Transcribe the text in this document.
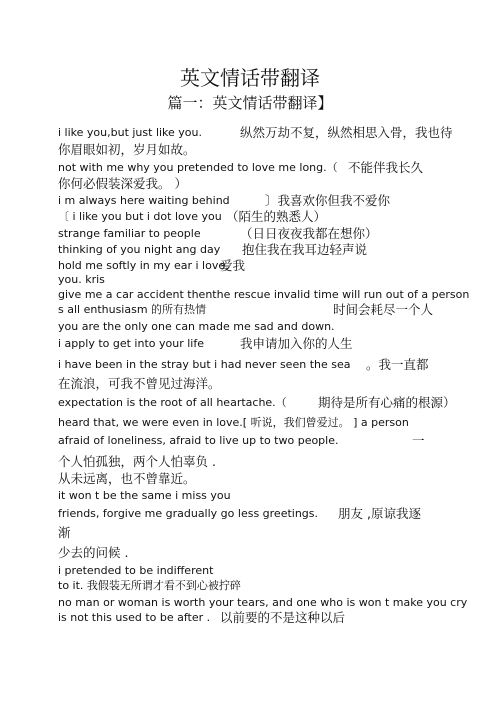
英文情话带翻译
篇一：英文情话带翻译】
i like you,but just like you.	纵然万劫不复，纵然相思入骨，我也待
你眉眼如初，岁月如故。
not with me why you pretended to love me long.（ 不能伴我长久
你何必假装深爱我。 ）
i m always here waiting behind	〕我喜欢你但我不爱你
〔 i like you but i dot love you （陌生的熟悉人）
strange familiar to people	（日日夜夜我都在想你）
thinking of you night ang day 抱住我在我耳边轻声说
hold me softly in my ear i love.
爱我
you. kris
give me a car accident thenthe rescue invalid time will run out of a person
s all enthusiasm 的所有热情	时间会耗尽一个人
you are the only one can made me sad and down.
i apply to get into your life	我申请加入你的人生
i have been in the stray but i had never seen the sea 。我一直都
在流浪，可我不曾见过海洋。
expectation is the root of all heartache.（	期待是所有心痛的根源）
heard that, we were even in love.[ 听说，我们曾爱过。 ] a person
afraid of loneliness, afraid to live up to two people.	一
个人怕孤独，两个人怕辜负 .
从未远离，也不曾靠近。
it won t be the same i miss you
friends, forgive me gradually go less greetings. 朋友 ,原谅我逐
渐
少去的问候 .
i pretended to be indifferent
to it. 我假装无所谓才看不到心被拧碎
no man or woman is worth your tears, and one who is won t make you cry
is not this used to be after . 以前要的不是这种以后
